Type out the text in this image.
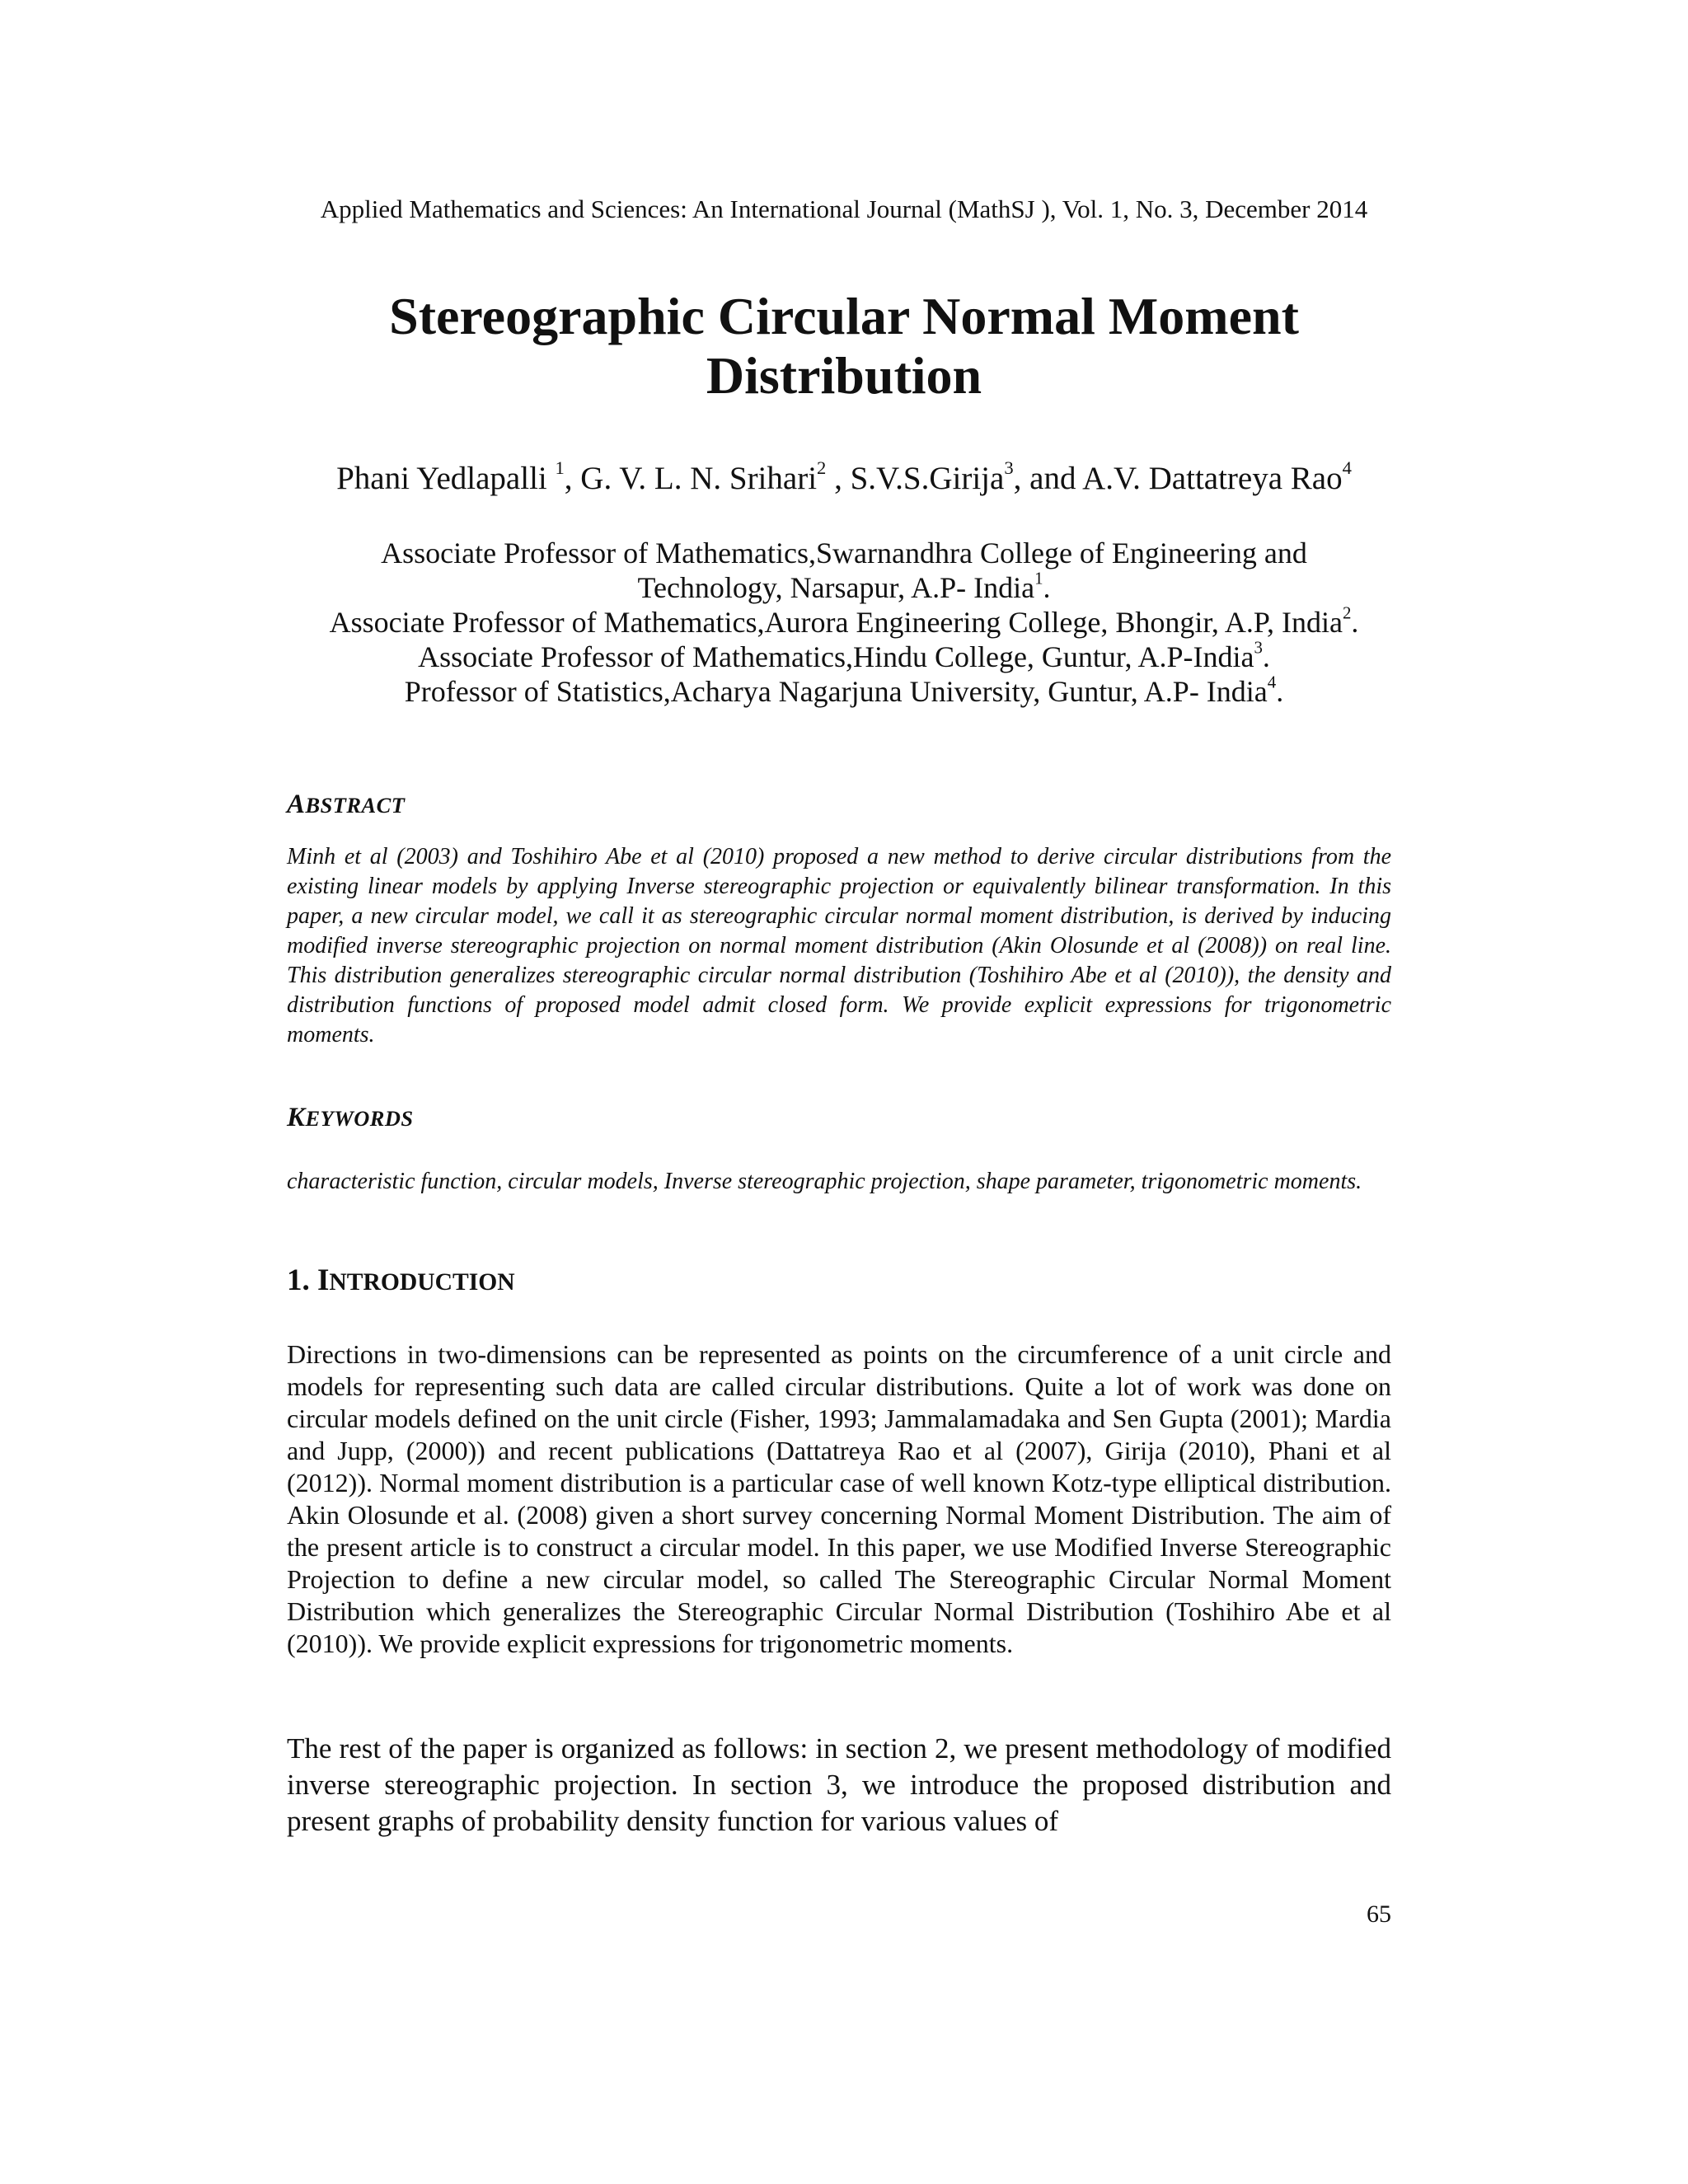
Applied Mathematics and Sciences: An International Journal (MathSJ ), Vol. 1, No. 3, December 2014
Stereographic Circular Normal Moment
Distribution
Phani Yedlapalli $^1$, G. V. L. N. Srihari$^2$ , S.V.S.Girija$^3$, and A.V. Dattatreya Rao$^4$
Associate Professor of Mathematics,Swarnandhra College of Engineering and
Technology, Narsapur, A.P- India$^1$.
Associate Professor of Mathematics,Aurora Engineering College, Bhongir, A.P, India$^2$.
Associate Professor of Mathematics,Hindu College, Guntur, A.P-India$^3$.
Professor of Statistics,Acharya Nagarjuna University, Guntur, A.P- India$^4$.
ABSTRACT

Minh et al (2003) and Toshihiro Abe et al (2010) proposed a new method to derive circular distributions from the existing linear models by applying Inverse stereographic projection or equivalently bilinear transformation. In this paper, a new circular model, we call it as stereographic circular normal moment distribution, is derived by inducing modified inverse stereographic projection on normal moment distribution (Akin Olosunde et al (2008)) on real line. This distribution generalizes stereographic circular normal distribution (Toshihiro Abe et al (2010)), the density and distribution functions of proposed model admit closed form. We provide explicit expressions for trigonometric moments.

KEYWORDS

characteristic function, circular models, Inverse stereographic projection, shape parameter, trigonometric moments.

1. INTRODUCTION

Directions in two-dimensions can be represented as points on the circumference of a unit circle and models for representing such data are called circular distributions. Quite a lot of work was done on circular models defined on the unit circle (Fisher, 1993; Jammalamadaka and Sen Gupta (2001); Mardia and Jupp, (2000)) and recent publications (Dattatreya Rao et al (2007), Girija (2010), Phani et al (2012)). Normal moment distribution is a particular case of well known Kotz-type elliptical distribution. Akin Olosunde et al. (2008) given a short survey concerning Normal Moment Distribution. The aim of the present article is to construct a circular model. In this paper, we use Modified Inverse Stereographic Projection to define a new circular model, so called The Stereographic Circular Normal Moment Distribution which generalizes the Stereographic Circular Normal Distribution (Toshihiro Abe et al (2010)). We provide explicit expressions for trigonometric moments.

The rest of the paper is organized as follows: in section 2, we present methodology of modified inverse stereographic projection. In section 3, we introduce the proposed distribution and present graphs of probability density function for various values of

65
